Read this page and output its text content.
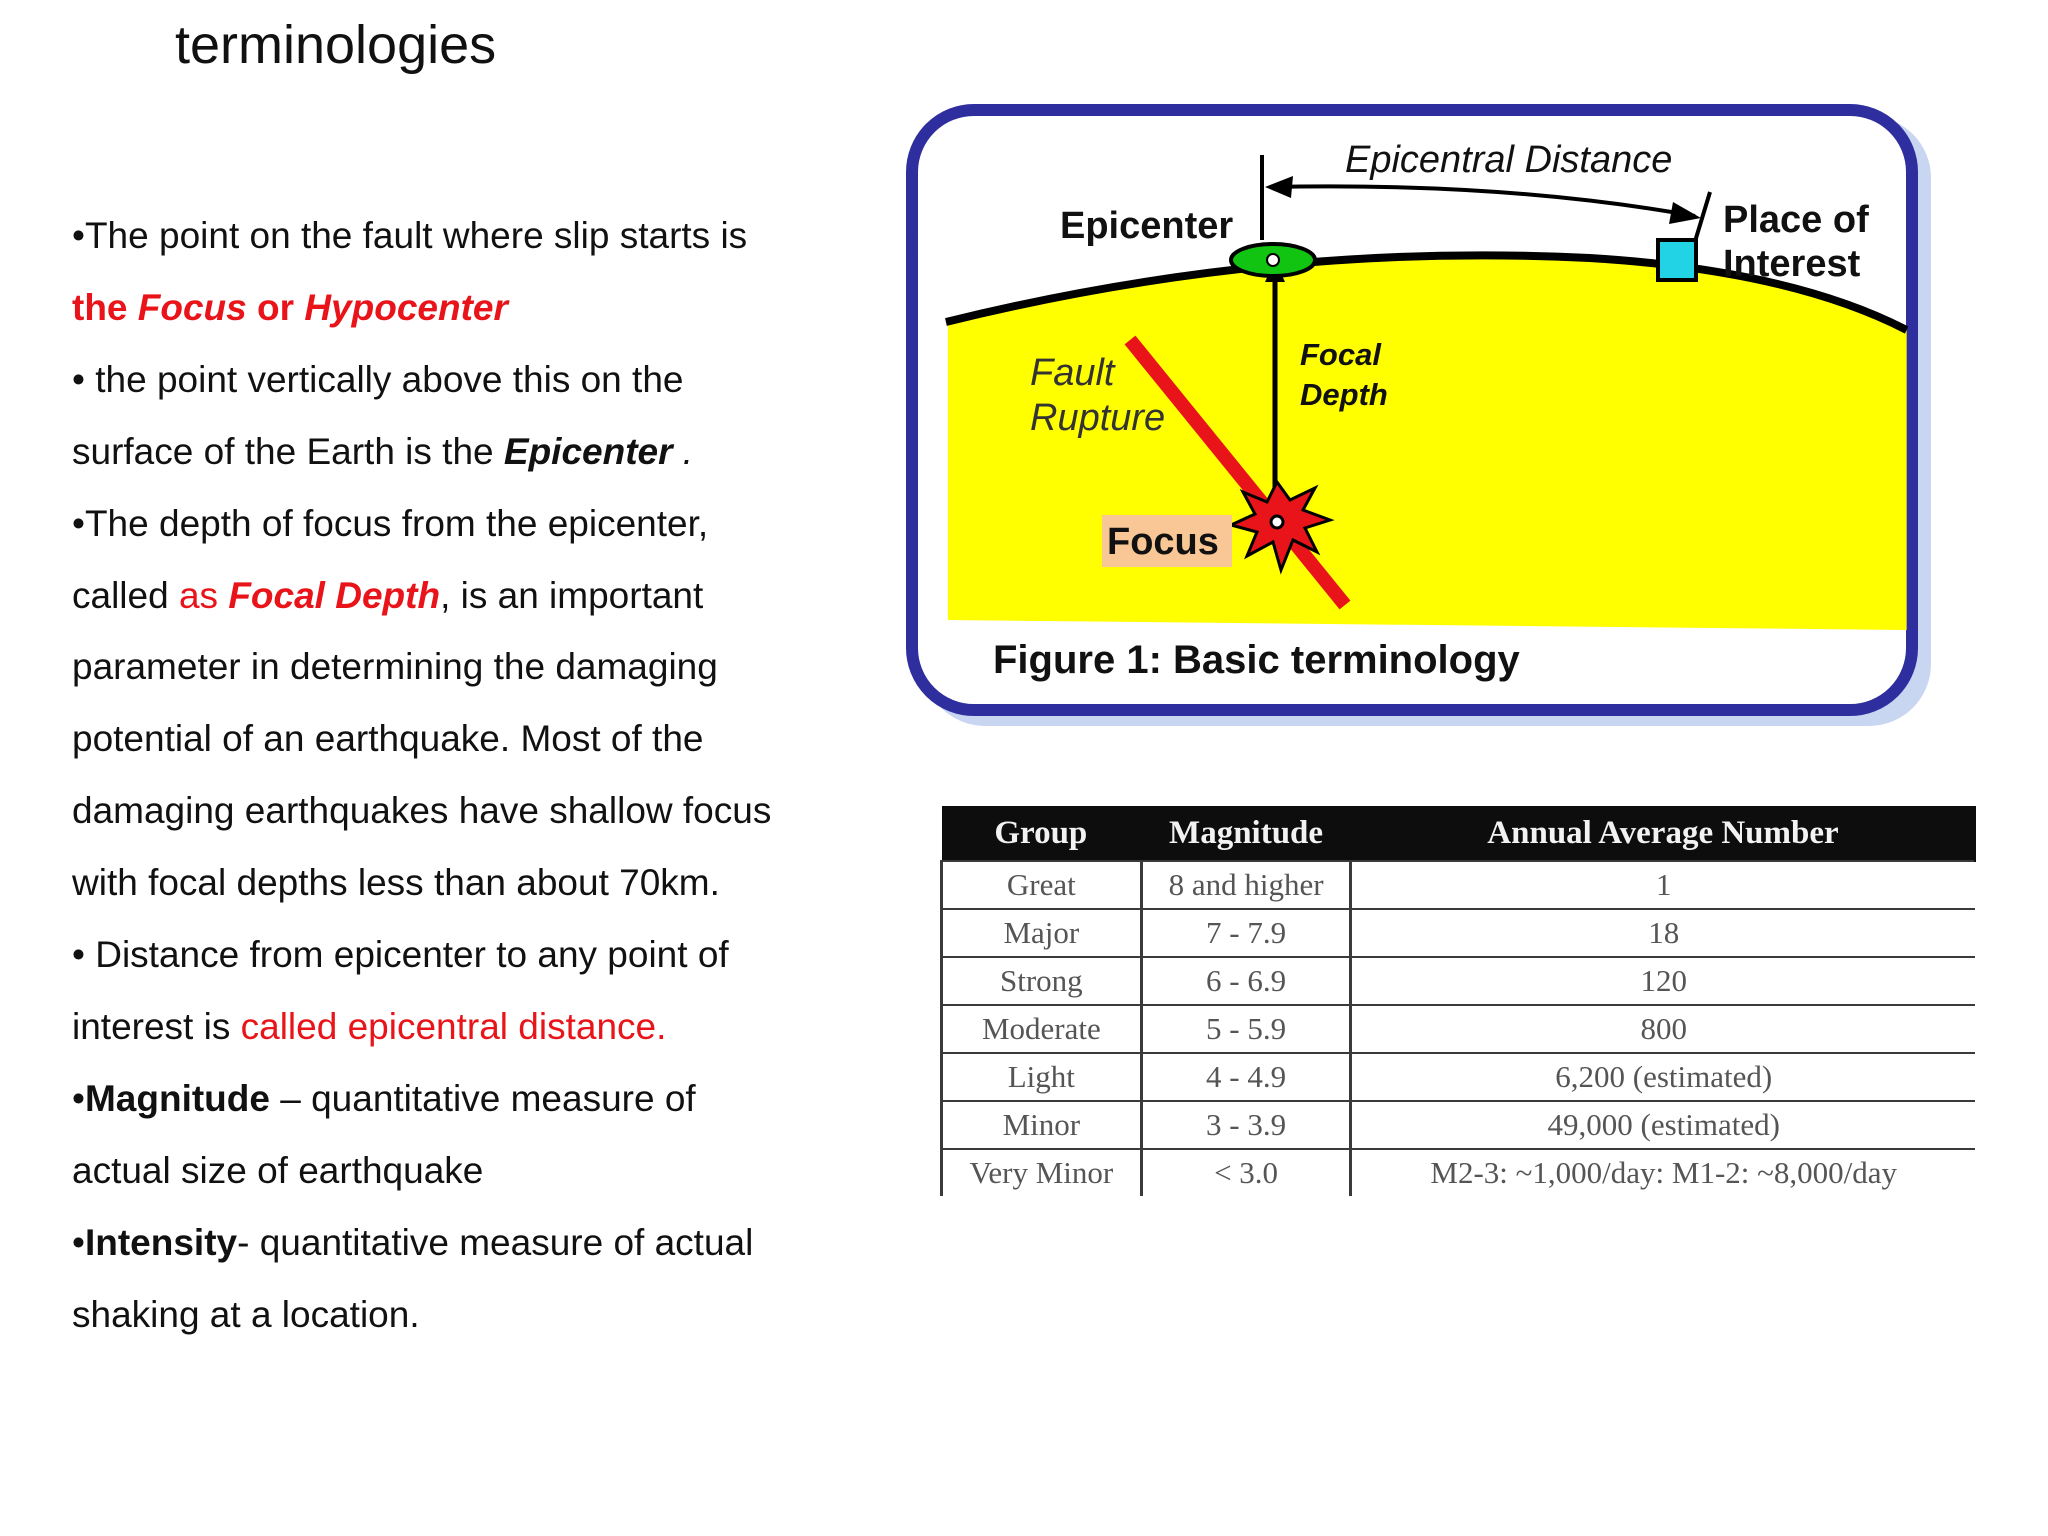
terminologies
•The point on the fault where slip starts is
the Focus or Hypocenter
• the point vertically above this on the
surface of the Earth is the Epicenter .
•The depth of focus from the epicenter,
called as Focal Depth, is an important
parameter in determining the damaging
potential of an earthquake. Most of the
damaging earthquakes have shallow focus
with focal depths less than about 70km.
• Distance from epicenter to any point of
interest is called epicentral distance.
•Magnitude – quantitative measure of
actual size of earthquake
•Intensity- quantitative measure of actual
shaking at a location.
Epicentral Distance
Epicenter	Place of
Interest
Fault
Rupture
Focal
Depth
Focus
Figure 1: Basic terminology
Group	Magnitude	Annual Average Number
Great	8 and higher	1
Major	7 - 7.9	18
Strong	6 - 6.9	120
Moderate	5 - 5.9	800
Light	4 - 4.9	6,200 (estimated)
Minor	3 - 3.9	49,000 (estimated)
Very Minor	< 3.0	M2-3: ~1,000/day: M1-2: ~8,000/day
